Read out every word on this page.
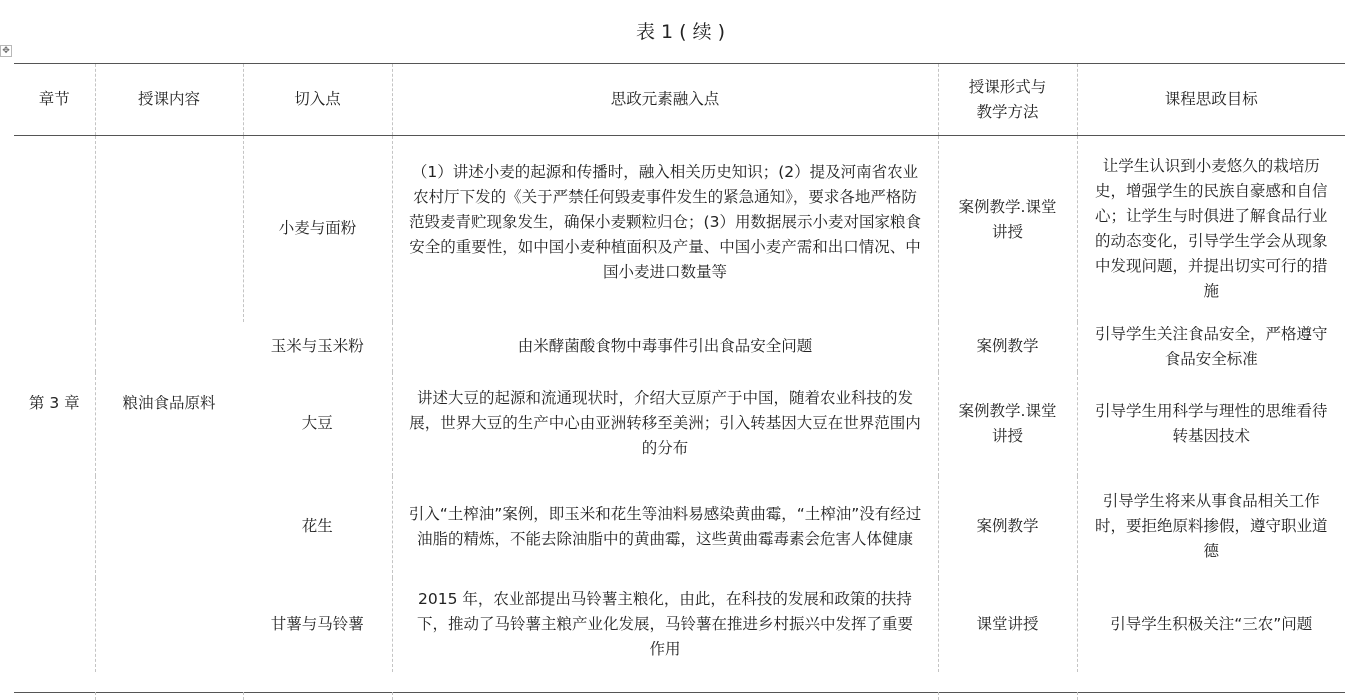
表 1 ( 续 )
✥
章节	授课内容	切入点	思政元素融入点	授课形式与教学方法	课程思政目标
第 3 章	粮油食品原料	小麦与面粉	（1）讲述小麦的起源和传播时，融入相关历史知识；(2）提及河南省农业农村厅下发的《关于严禁任何毁麦事件发生的紧急通知》，要求各地严格防范毁麦青贮现象发生，确保小麦颗粒归仓；(3）用数据展示小麦对国家粮食安全的重要性，如中国小麦种植面积及产量、中国小麦产需和出口情况、中国小麦进口数量等	案例教学.课堂讲授	让学生认识到小麦悠久的栽培历史，增强学生的民族自豪感和自信心；让学生与时俱进了解食品行业的动态变化，引导学生学会从现象中发现问题，并提出切实可行的措施
		玉米与玉米粉	由米酵菌酸食物中毒事件引出食品安全问题	案例教学	引导学生关注食品安全，严格遵守食品安全标准
		大豆	讲述大豆的起源和流通现状时，介绍大豆原产于中国，随着农业科技的发展，世界大豆的生产中心由亚洲转移至美洲；引入转基因大豆在世界范围内的分布	案例教学.课堂讲授	引导学生用科学与理性的思维看待转基因技术
		花生	引入“土榨油”案例，即玉米和花生等油料易感染黄曲霉，“土榨油”没有经过油脂的精炼，不能去除油脂中的黄曲霉，这些黄曲霉毒素会危害人体健康	案例教学	引导学生将来从事食品相关工作时，要拒绝原料掺假，遵守职业道德
		甘薯与马铃薯	2015 年，农业部提出马铃薯主粮化，由此，在科技的发展和政策的扶持下，推动了马铃薯主粮产业化发展，马铃薯在推进乡村振兴中发挥了重要作用	课堂讲授	引导学生积极关注“三农”问题
